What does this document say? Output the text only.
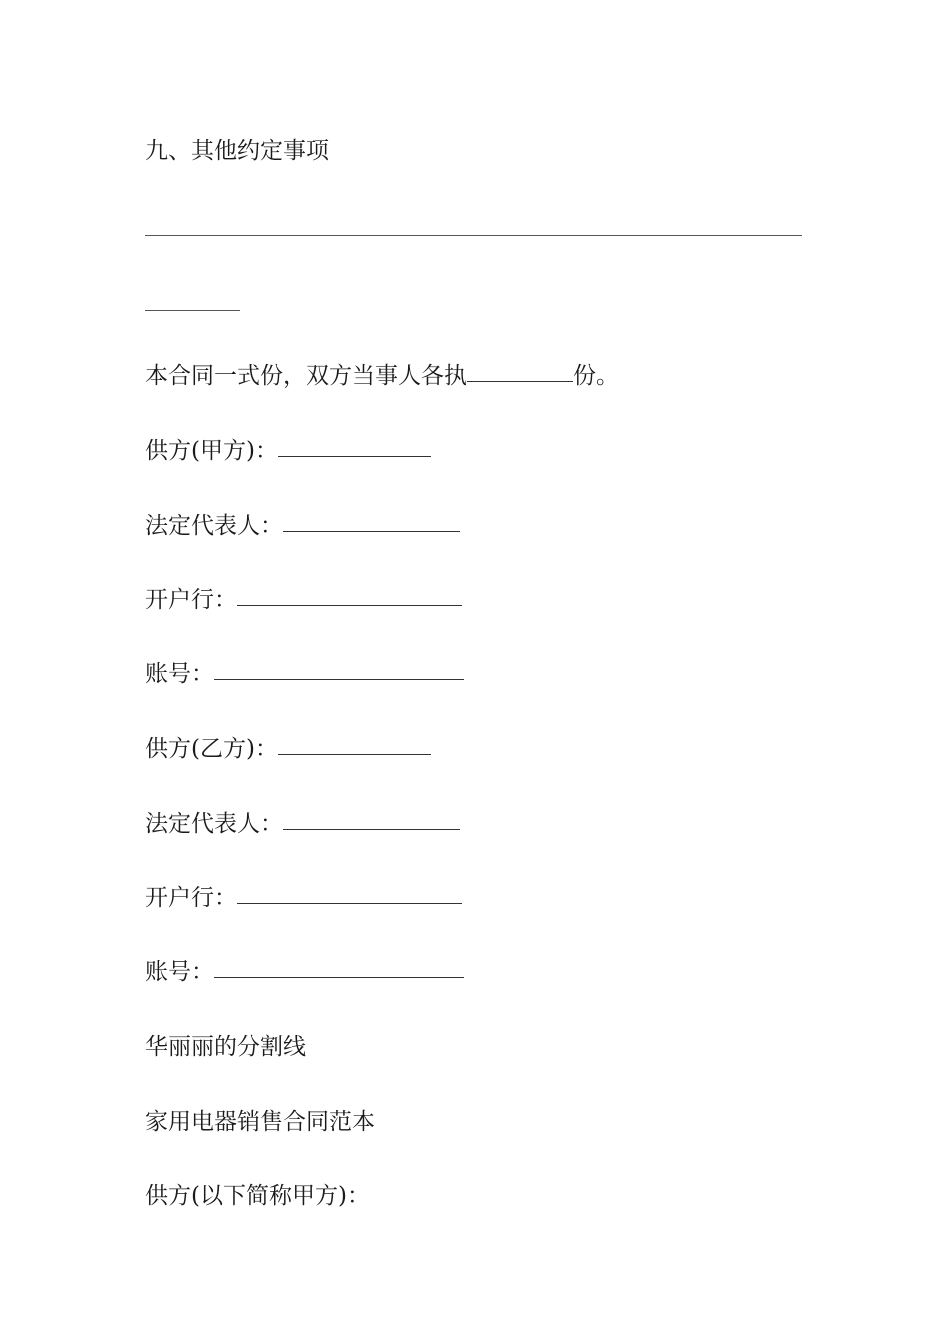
九、其他约定事项
本合同一式份，双方当事人各执	份。
供方(甲方)：
法定代表人：
开户行：
账号：
供方(乙方)：
法定代表人：
开户行：
账号：
华丽丽的分割线
家用电器销售合同范本
供方(以下简称甲方)：
